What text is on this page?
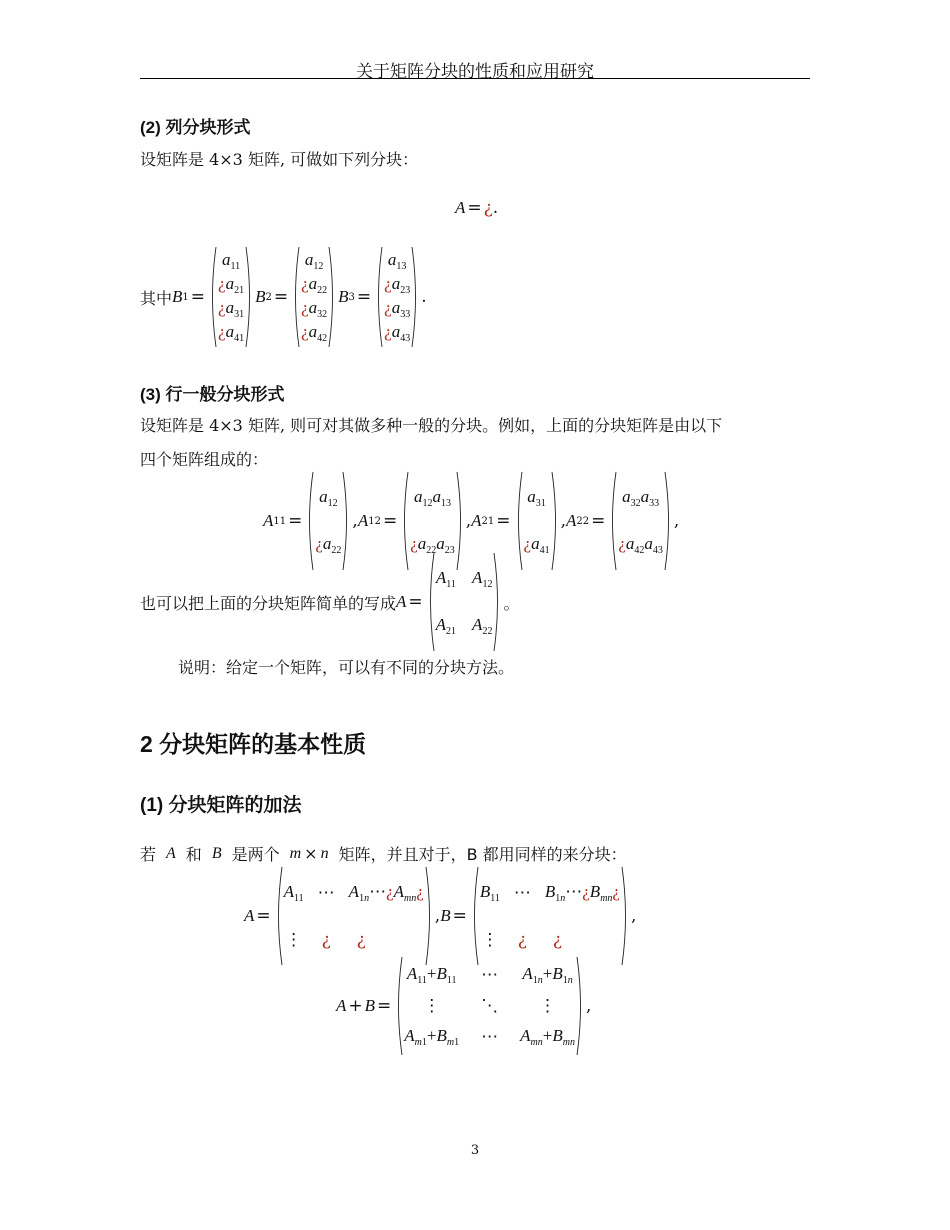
关于矩阵分块的性质和应用研究
(2) 列分块形式
设矩阵是 4×3 矩阵, 可做如下列分块：
A = ¿ .
其中 B 1 =
$a_{11}$
¿$a_{21}$
¿$a_{31}$
¿$a_{41}$
B 2 =
$a_{12}$
¿$a_{22}$
¿$a_{32}$
¿$a_{42}$
B 3 =
$a_{13}$
¿$a_{23}$
¿$a_{33}$
¿$a_{43}$
.
(3) 行一般分块形式
设矩阵是 4×3 矩阵, 则可对其做多种一般的分块。例如，上面的分块矩阵是由以下
四个矩阵组成的：
A 11 =
$a_{12}$
¿$a_{22}$
, A 12 =
$a_{12}a_{13}$
¿$a_{22}a_{23}$
, A 21 =
$a_{31}$
¿$a_{41}$
, A 22 =
$a_{32}a_{33}$
¿$a_{42}a_{43}$
,
也可以把上面的分块矩阵简单的写成 A =
$A_{11}$ $A_{12}$
$A_{21}$ $A_{22}$
。
说明：给定一个矩阵，可以有不同的分块方法。
2 分块矩阵的基本性质
(1) 分块矩阵的加法
若 A 和 B 是两个 m × n 矩阵，并且对于，B 都用同样的来分块：
A =
$A_{11}$ ⋯ $A_{1n}\cdots¿A_{mn}¿$
⋮ ¿	¿
, B =
$B_{11}$ ⋯ $B_{1n}\cdots¿B_{mn}¿$
⋮ ¿	¿
,
A + B =
$A_{11}+B_{11}$ ⋯ $A_{1n}+B_{1n}$
⋮	⋱	⋮
$A_{m1}+B_{m1}$ ⋯ $A_{mn}+B_{mn}$
,
3
